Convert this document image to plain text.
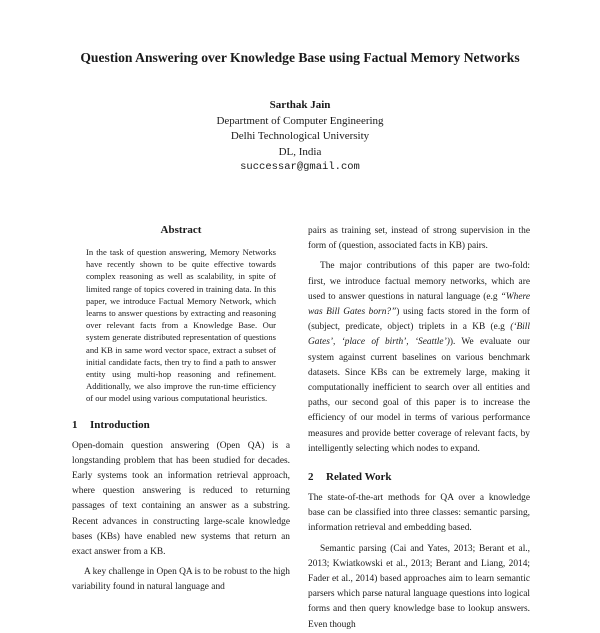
Question Answering over Knowledge Base using Factual Memory Networks
Sarthak Jain
Department of Computer Engineering
Delhi Technological University
DL, India
successar@gmail.com
Abstract
In the task of question answering, Memory Networks have recently shown to be quite effective towards complex reasoning as well as scalability, in spite of limited range of topics covered in training data. In this paper, we introduce Factual Memory Network, which learns to answer questions by extracting and reasoning over relevant facts from a Knowledge Base. Our system generate distributed representation of questions and KB in same word vector space, extract a subset of initial candidate facts, then try to find a path to answer entity using multi-hop reasoning and refinement. Additionally, we also improve the run-time efficiency of our model using various computational heuristics.
1 Introduction

Open-domain question answering (Open QA) is a longstanding problem that has been studied for decades. Early systems took an information retrieval approach, where question answering is reduced to returning passages of text containing an answer as a substring. Recent advances in constructing large-scale knowledge bases (KBs) have enabled new systems that return an exact answer from a KB.

A key challenge in Open QA is to be robust to the high variability found in natural language and

pairs as training set, instead of strong supervision in the form of (question, associated facts in KB) pairs.

The major contributions of this paper are two-fold: first, we introduce factual memory networks, which are used to answer questions in natural language (e.g “Where was Bill Gates born?”) using facts stored in the form of (subject, predicate, object) triplets in a KB (e.g (‘Bill Gates’, ‘place of birth’, ‘Seattle’)). We evaluate our system against current baselines on various benchmark datasets. Since KBs can be extremely large, making it computationally inefficient to search over all entities and paths, our second goal of this paper is to increase the efficiency of our model in terms of various performance measures and provide better coverage of relevant facts, by intelligently selecting which nodes to expand.

2 Related Work

The state-of-the-art methods for QA over a knowledge base can be classified into three classes: semantic parsing, information retrieval and embedding based.

Semantic parsing (Cai and Yates, 2013; Berant et al., 2013; Kwiatkowski et al., 2013; Berant and Liang, 2014; Fader et al., 2014) based approaches aim to learn semantic parsers which parse natural language questions into logical forms and then query knowledge base to lookup answers. Even though
